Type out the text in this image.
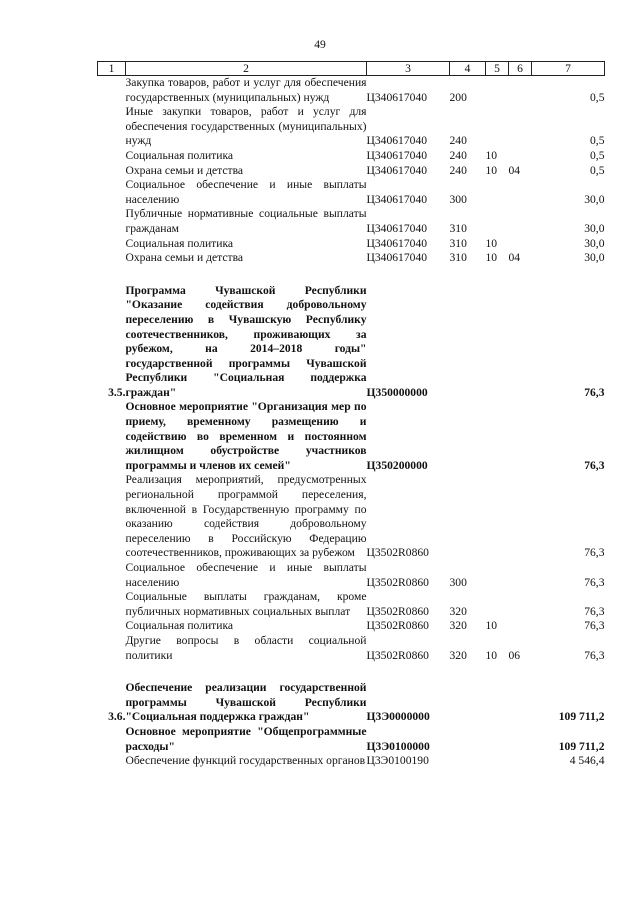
49
1	2	3	4	5	6	7
	Закупка товаров, работ и услуг для обеспечения государственных (муниципальных) нужд	Ц340617040	200			0,5
	Иные закупки товаров, работ и услуг для обеспечения государственных (муниципальных) нужд	Ц340617040	240			0,5
	Социальная политика	Ц340617040	240	10		0,5
	Охрана семьи и детства	Ц340617040	240	10	04	0,5
	Социальное обеспечение и иные выплаты населению	Ц340617040	300			30,0
	Публичные нормативные социальные выплаты гражданам	Ц340617040	310			30,0
	Социальная политика	Ц340617040	310	10		30,0
	Охрана семьи и детства	Ц340617040	310	10	04	30,0

3.5.	Программа Чувашской Республики "Оказание содействия добровольному переселению в Чувашскую Республику соотечественников, проживающих за рубежом, на 2014–2018 годы" государственной программы Чувашской Республики "Социальная поддержка граждан"	Ц350000000				76,3
	Основное мероприятие "Организация мер по приему, временному размещению и содействию во временном и постоянном жилищном обустройстве участников программы и членов их семей"	Ц350200000				76,3
	Реализация мероприятий, предусмотренных региональной программой переселения, включенной в Государственную программу по оказанию содействия добровольному переселению в Российскую Федерацию соотечественников, проживающих за рубежом	Ц3502R0860				76,3
	Социальное обеспечение и иные выплаты населению	Ц3502R0860	300			76,3
	Социальные выплаты гражданам, кроме публичных нормативных социальных выплат	Ц3502R0860	320			76,3
	Социальная политика	Ц3502R0860	320	10		76,3
	Другие вопросы в области социальной политики	Ц3502R0860	320	10	06	76,3

3.6.	Обеспечение реализации государственной программы Чувашской Республики "Социальная поддержка граждан"	Ц3Э0000000				109 711,2
	Основное мероприятие "Общепрограммные расходы"	Ц3Э0100000				109 711,2
	Обеспечение функций государственных органов	Ц3Э0100190				4 546,4
